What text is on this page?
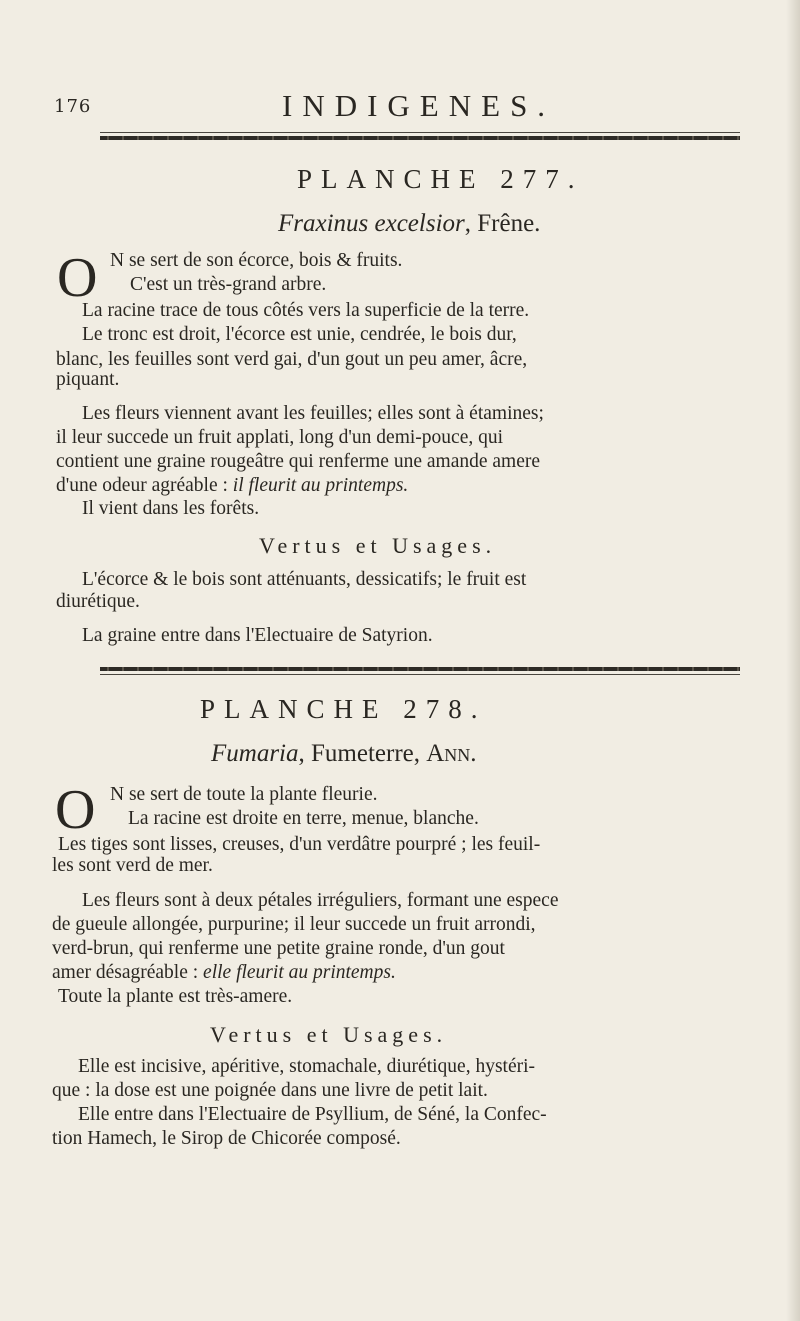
176	INDIGENES.
PLANCHE 277.
Fraxinus excelsior, Frêne.
O N se sert de son écorce, bois & fruits.
C'est un très-grand arbre.
La racine trace de tous côtés vers la superficie de la terre.
Le tronc est droit, l'écorce est unie, cendrée, le bois dur,
blanc, les feuilles sont verd gai, d'un gout un peu amer, âcre,
piquant.
Les fleurs viennent avant les feuilles; elles sont à étamines;
il leur succede un fruit applati, long d'un demi-pouce, qui
contient une graine rougeâtre qui renferme une amande amere
d'une odeur agréable : il fleurit au printemps.
Il vient dans les forêts.
Vertus et Usages.
L'écorce & le bois sont atténuants, dessicatifs; le fruit est
diurétique.
La graine entre dans l'Electuaire de Satyrion.
PLANCHE 278.
Fumaria, Fumeterre, Ann.
O N se sert de toute la plante fleurie.
La racine est droite en terre, menue, blanche.
Les tiges sont lisses, creuses, d'un verdâtre pourpré ; les feuil-
les sont verd de mer.
Les fleurs sont à deux pétales irréguliers, formant une espece
de gueule allongée, purpurine; il leur succede un fruit arrondi,
verd-brun, qui renferme une petite graine ronde, d'un gout
amer désagréable : elle fleurit au printemps.
Toute la plante est très-amere.
Vertus et Usages.
Elle est incisive, apéritive, stomachale, diurétique, hystéri-
que : la dose est une poignée dans une livre de petit lait.
Elle entre dans l'Electuaire de Psyllium, de Séné, la Confec-
tion Hamech, le Sirop de Chicorée composé.
